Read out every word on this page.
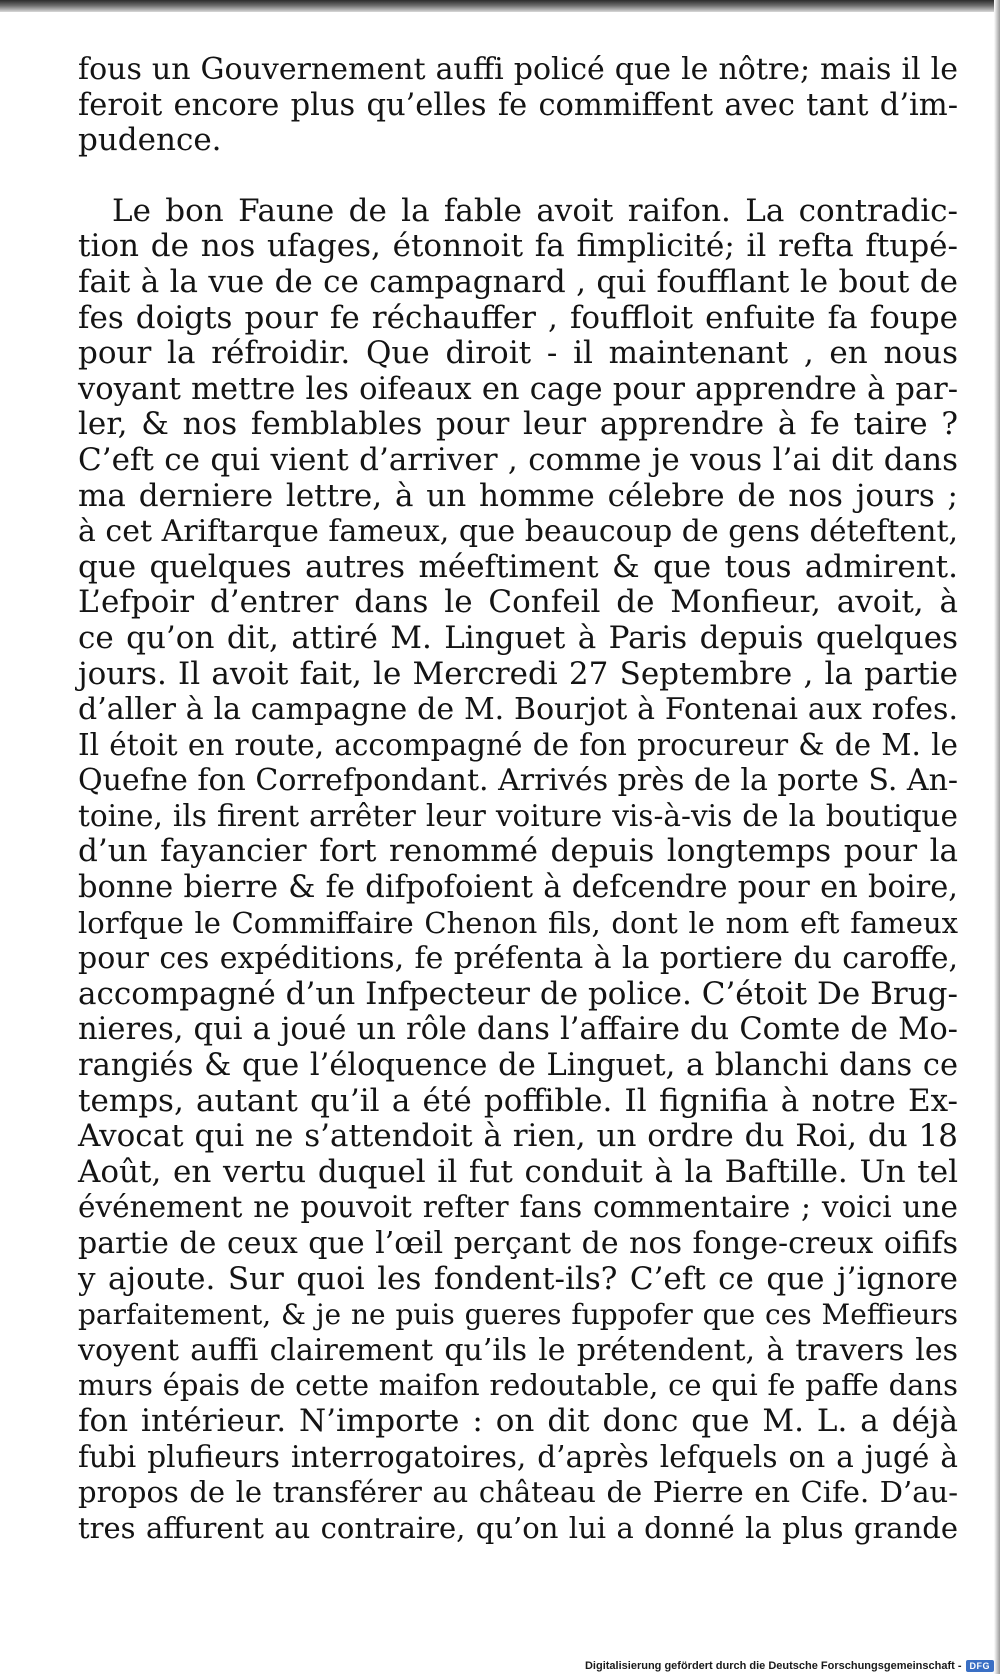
fous un Gouvernement auffi policé que le nôtre; mais il le
feroit encore plus qu’elles fe commiffent avec tant d’im-
pudence.
Le bon Faune de la fable avoit raifon. La contradic-
tion de nos ufages, étonnoit fa fimplicité; il refta ftupé-
fait à la vue de ce campagnard , qui foufflant le bout de
fes doigts pour fe réchauffer , fouffloit enfuite fa foupe
pour la réfroidir. Que diroit - il maintenant , en nous
voyant mettre les oifeaux en cage pour apprendre à par-
ler, & nos femblables pour leur apprendre à fe taire ?
C’eft ce qui vient d’arriver , comme je vous l’ai dit dans
ma derniere lettre, à un homme célebre de nos jours ;
à cet Ariftarque fameux, que beaucoup de gens déteftent,
que quelques autres méeftiment & que tous admirent.
L’efpoir d’entrer dans le Confeil de Monfieur, avoit, à
ce qu’on dit, attiré M. Linguet à Paris depuis quelques
jours. Il avoit fait, le Mercredi 27 Septembre , la partie
d’aller à la campagne de M. Bourjot à Fontenai aux rofes.
Il étoit en route, accompagné de fon procureur & de M. le
Quefne fon Correfpondant. Arrivés près de la porte S. An-
toine, ils firent arrêter leur voiture vis-à-vis de la boutique
d’un fayancier fort renommé depuis longtemps pour la
bonne bierre & fe difpofoient à defcendre pour en boire,
lorfque le Commiffaire Chenon fils, dont le nom eft fameux
pour ces expéditions, fe préfenta à la portiere du caroffe,
accompagné d’un Infpecteur de police. C’étoit De Brug-
nieres, qui a joué un rôle dans l’affaire du Comte de Mo-
rangiés & que l’éloquence de Linguet, a blanchi dans ce
temps, autant qu’il a été poffible. Il fignifia à notre Ex-
Avocat qui ne s’attendoit à rien, un ordre du Roi, du 18
Août, en vertu duquel il fut conduit à la Baftille. Un tel
événement ne pouvoit refter fans commentaire ; voici une
partie de ceux que l’œil perçant de nos fonge-creux oififs
y ajoute. Sur quoi les fondent-ils? C’eft ce que j’ignore
parfaitement, & je ne puis gueres fuppofer que ces Meffieurs
voyent auffi clairement qu’ils le prétendent, à travers les
murs épais de cette maifon redoutable, ce qui fe paffe dans
fon intérieur. N’importe : on dit donc que M. L. a déjà
fubi plufieurs interrogatoires, d’après lefquels on a jugé à
propos de le transférer au château de Pierre en Cife. D’au-
tres affurent au contraire, qu’on lui a donné la plus grande
Digitalisierung gefördert durch die Deutsche Forschungsgemeinschaft - DFG
